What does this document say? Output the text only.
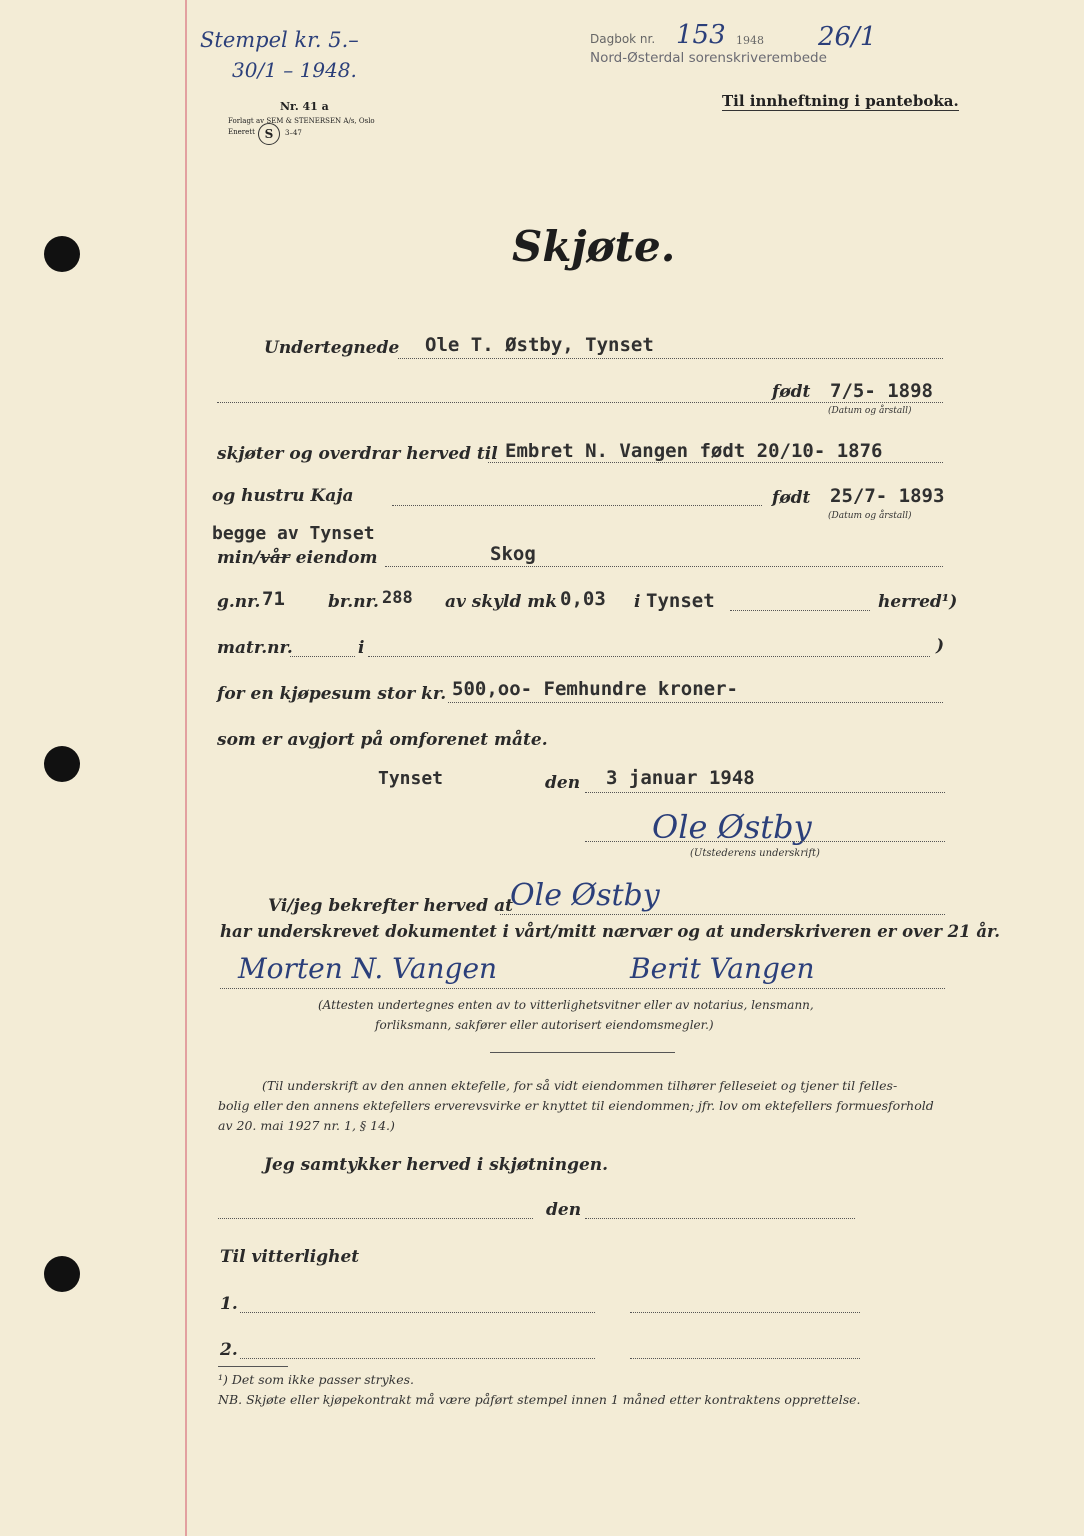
Stempel kr. 5.–
30/1 – 1948.
Nr. 41 a
Forlagt av SEM & STENERSEN A/s, Oslo
Enerett S	3–47
Dagbok nr. 153 1948 26/1
Nord-Østerdal sorenskriverembede
Til innheftning i panteboka.
Skjøte.
Undertegnede Ole T. Østby, Tynset
født 7/5- 1898
(Datum og årstall)
skjøter og overdrar herved til Embret N. Vangen født 20/10- 1876
og hustru Kaja	født 25/7- 1893
(Datum og årstall)
begge av Tynset
min/vår eiendom	Skog
g.nr. 71	br.nr. 288 av skyld mk 0,03 i Tynset	herred¹)
matr.nr.	i	)
for en kjøpesum stor kr. 500,oo- Femhundre kroner-
som er avgjort på omforenet måte.
Tynset	den 3 januar 1948
Ole Østby
(Utstederens underskrift)
Vi/jeg bekrefter herved at
Ole Østby
har underskrevet dokumentet i vårt/mitt nærvær og at underskriveren er over 21 år.
Morten N. Vangen	Berit Vangen
(Attesten undertegnes enten av to vitterlighetsvitner eller av notarius, lensmann,
forliksmann, sakfører eller autorisert eiendomsmegler.)
(Til underskrift av den annen ektefelle, for så vidt eiendommen tilhører felleseiet og tjener til felles-
bolig eller den annens ektefellers erverevsvirke er knyttet til eiendommen; jfr. lov om ektefellers formuesforhold
av 20. mai 1927 nr. 1, § 14.)
Jeg samtykker herved i skjøtningen.
den
Til vitterlighet
1.
2.
¹) Det som ikke passer strykes.
NB. Skjøte eller kjøpekontrakt må være påført stempel innen 1 måned etter kontraktens opprettelse.
